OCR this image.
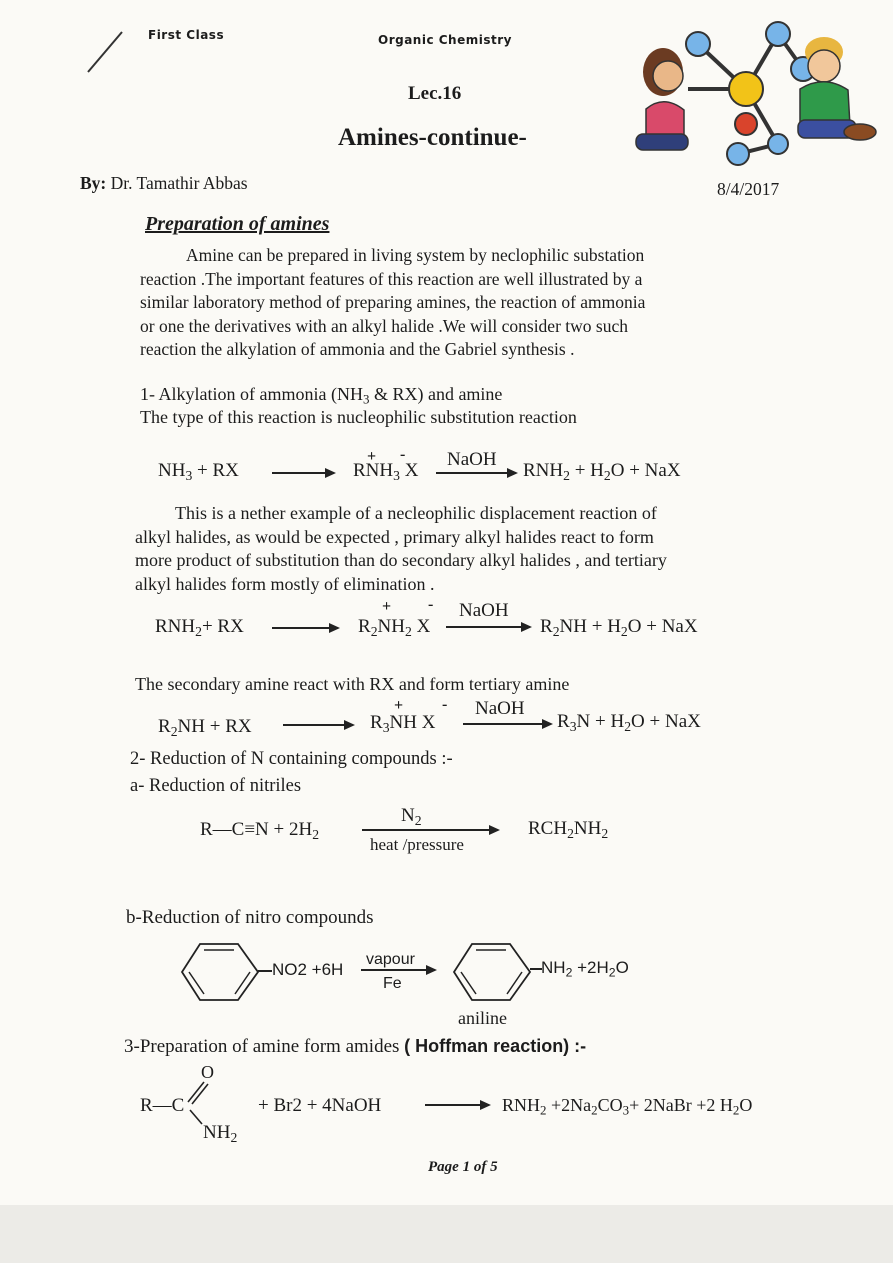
First Class	Organic Chemistry
Lec.16
Amines-continue-
By: Dr. Tamathir Abbas	8/4/2017
Preparation of amines

Amine can be prepared in living system by neclophilic substation

reaction .The important features of this reaction are well illustrated by a

similar laboratory method of preparing amines, the reaction of ammonia

or one the derivatives with an alkyl halide .We will consider two such

reaction the alkylation of ammonia and the Gabriel synthesis .

1- Alkylation of ammonia ($NH_3$ & RX) and amine
The type of this reaction is nucleophilic substitution reaction
+ -
$NH_3$ + RX → $RNH_3$ X
NaOH
$RNH_2 + H_2O$ + NaX

This is a nether example of a necleophilic displacement reaction of

alkyl halides, as would be expected , primary alkyl halides react to form

more product of substitution than do secondary alkyl halides , and tertiary

alkyl halides form mostly of elimination .

+ -
$RNH_2+$ RX	$R_2NH_2$ X
NaOH
$R_2NH + H_2O$ + NaX
The secondary amine react with RX and form tertiary amine
+ -
$R_2NH$ + RX	$R_3NH$ X
NaOH
$R_3N + H_2O$ + NaX
2- Reduction of N containing compounds :-
a- Reduction of nitriles
R—C≡N + $2H_2$
$N_2$
heat /pressure
$RCH_2NH_2$
b-Reduction of nitro compounds
NO2 +6H
vapour
Fe
$NH_2 +2H_2O$
aniline
3-Preparation of amine form amides ( Hoffman reaction) :-
O
R—C
$NH_2$
+ Br2 + 4NaOH	→ $RNH_2 +2Na_2CO_3+$ 2NaBr +2 $H_2O$
Page 1 of 5
